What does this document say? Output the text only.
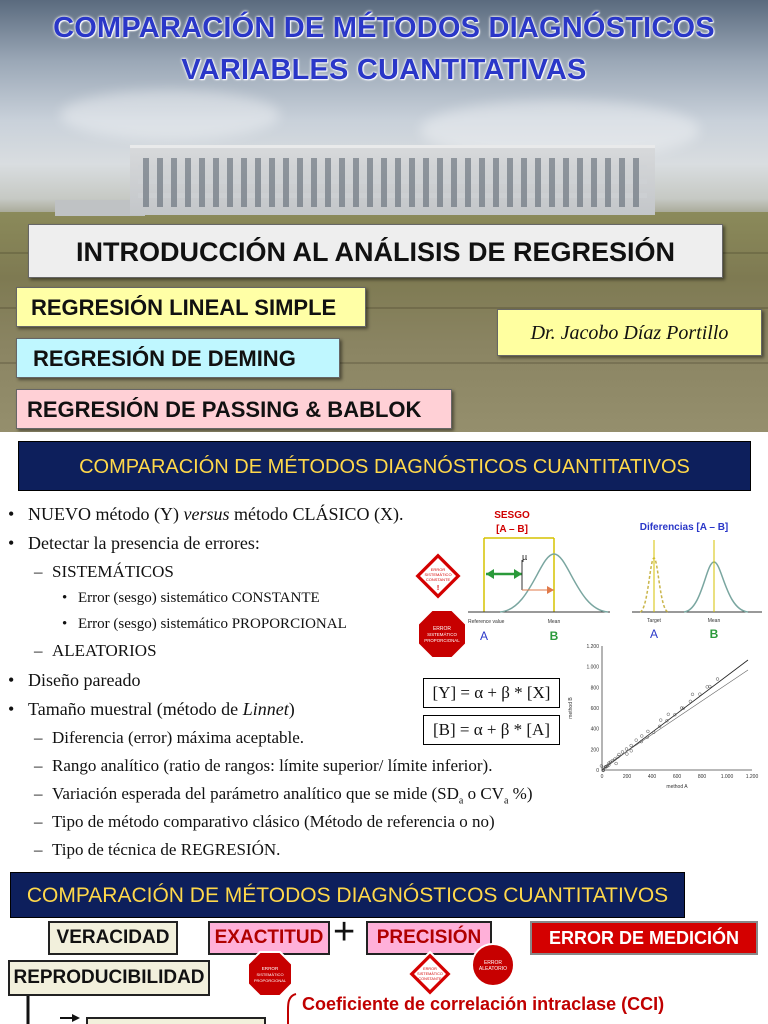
COMPARACIÓN DE MÉTODOS DIAGNÓSTICOS
VARIABLES CUANTITATIVAS
INTRODUCCIÓN AL ANÁLISIS DE REGRESIÓN
REGRESIÓN LINEAL SIMPLE
REGRESIÓN DE DEMING
REGRESIÓN DE PASSING & BABLOK
Dr. Jacobo Díaz Portillo
COMPARACIÓN DE MÉTODOS DIAGNÓSTICOS CUANTITATIVOS
• NUEVO método (Y) versus método CLÁSICO (X).
• Detectar la presencia de errores:
– SISTEMÁTICOS
• Error (sesgo) sistemático CONSTANTE
• Error (sesgo) sistemático PROPORCIONAL
– ALEATORIOS
• Diseño pareado
• Tamaño muestral (método de Linnet)
– Diferencia (error) máxima aceptable.
– Rango analítico (ratio de rangos: límite superior/ límite inferior).
– Variación esperada del parámetro analítico que se mide ($SD_a$ o $CV_a$ %)
– Tipo de método comparativo clásico (Método de referencia o no)
– Tipo de técnica de REGRESIÓN.
[Y] = α + β * [X]
[B] = α + β * [A]
SESGO
[A – B]
µ
Reference value	Mean
A	B
ERROR
SISTEMÁTICO
CONSTANTE
!
ERROR
SISTEMÁTICO
PROPORCIONAL
Diferencias [A – B]
Target	Mean
A	B
0
200
400
600
800
1.000
1.200
0	200	400	600	800	1.000 1.200
method B
method A
COMPARACIÓN DE MÉTODOS DIAGNÓSTICOS CUANTITATIVOS
VERACIDAD	EXACTITUD +	PRECISIÓN	ERROR DE MEDICIÓN
REPRODUCIBILIDAD
ERROR
ALEATORIO
ERROR
SISTEMÁTICO
PROPORCIONAL
ERROR
SISTEMÁTICO
CONSTANTE
Coeficiente de correlación intraclase (CCI)
